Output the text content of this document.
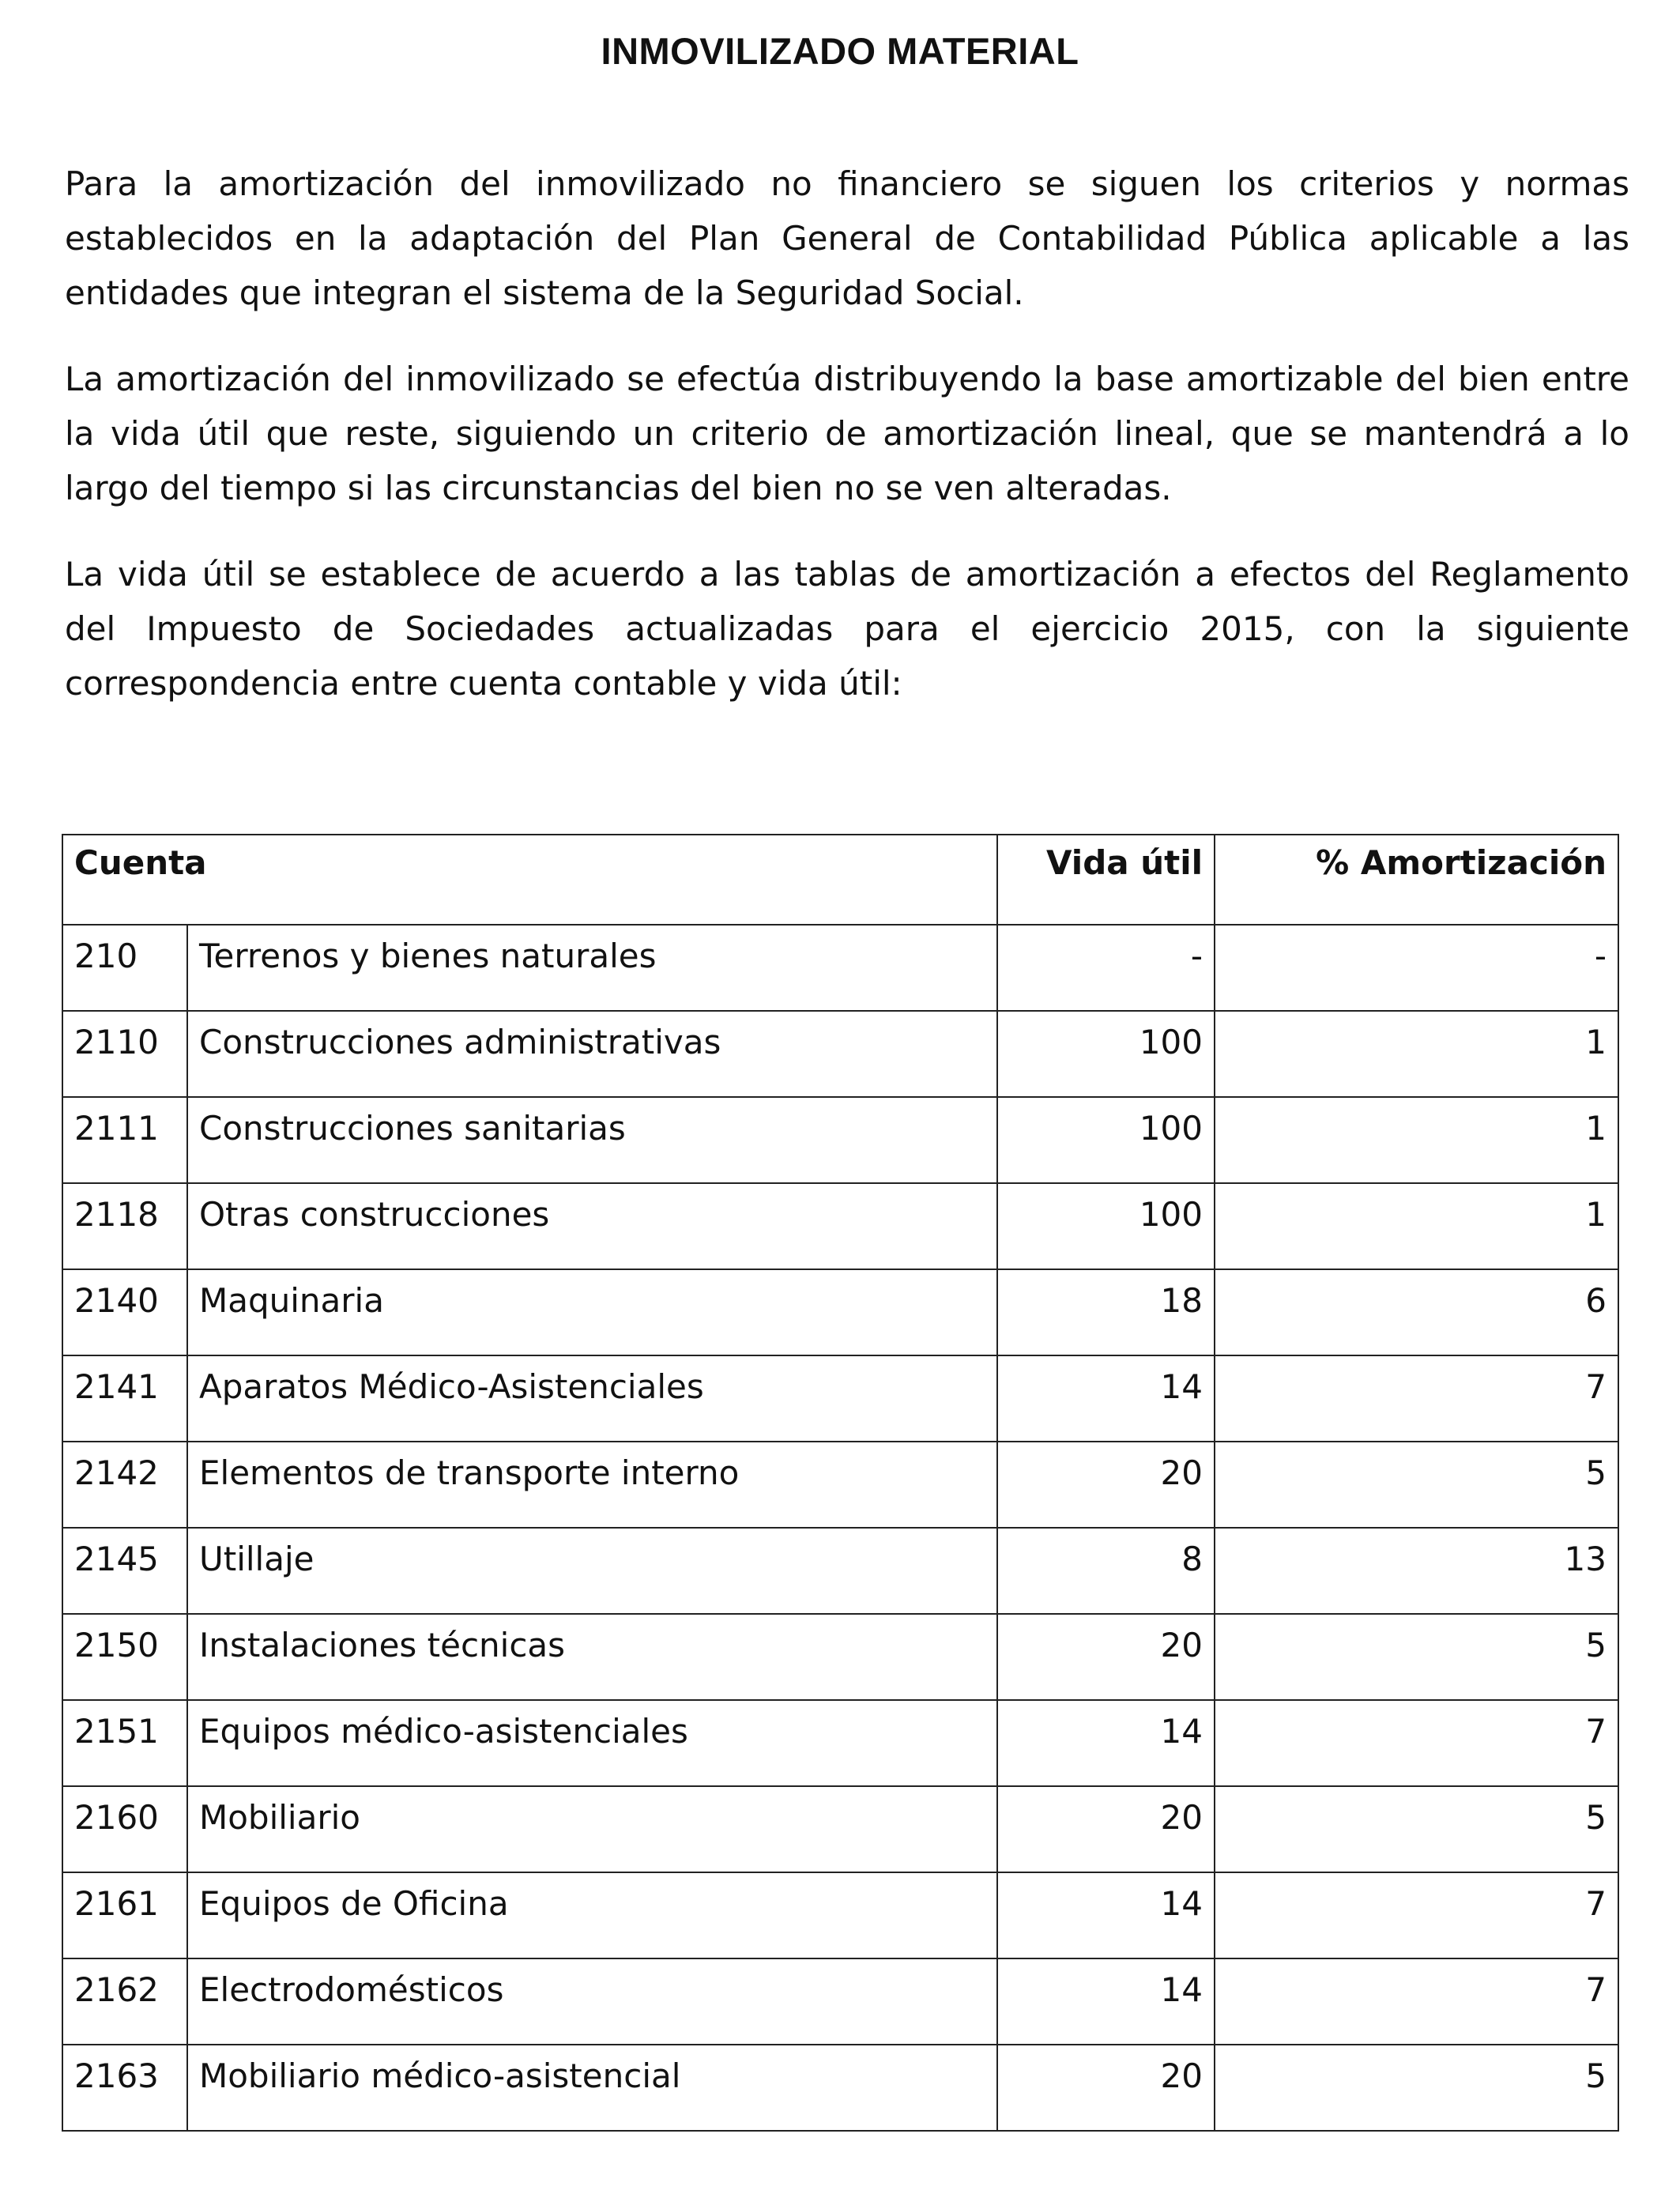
INMOVILIZADO MATERIAL

Para la amortización del inmovilizado no financiero se siguen los criterios y normas establecidos en la adaptación del Plan General de Contabilidad Pública aplicable a las entidades que integran el sistema de la Seguridad Social.

La amortización del inmovilizado se efectúa distribuyendo la base amortizable del bien entre la vida útil que reste, siguiendo un criterio de amortización lineal, que se mantendrá a lo largo del tiempo si las circunstancias del bien no se ven alteradas.

La vida útil se establece de acuerdo a las tablas de amortización a efectos del Reglamento del Impuesto de Sociedades actualizadas para el ejercicio 2015, con la siguiente correspondencia entre cuenta contable y vida útil:

Cuenta		Vida útil	% Amortización
210	Terrenos y bienes naturales	-	-
2110	Construcciones administrativas	100	1
2111	Construcciones sanitarias	100	1
2118	Otras construcciones	100	1
2140	Maquinaria	18	6
2141	Aparatos Médico-Asistenciales	14	7
2142	Elementos de transporte interno	20	5
2145	Utillaje	8	13
2150	Instalaciones técnicas	20	5
2151	Equipos médico-asistenciales	14	7
2160	Mobiliario	20	5
2161	Equipos de Oficina	14	7
2162	Electrodomésticos	14	7
2163	Mobiliario médico-asistencial	20	5
